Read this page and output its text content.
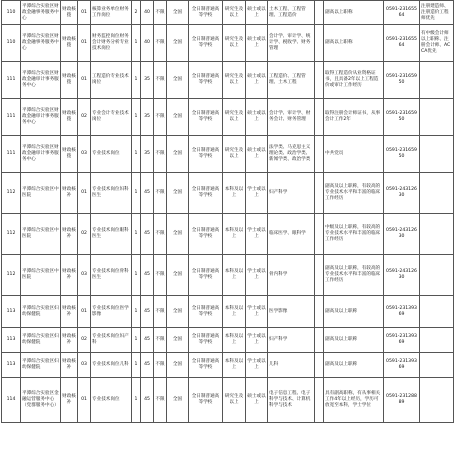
110	平潭综合实验区财政金融事务服务中心	财政核拨	01	核算业务单位财务工作岗位	2	40	不限	全国	全日制普通高等学校	研究生及以上	硕士或以上	土木工程、工程管理、工程造价		副高以上职称	0591-23165564	注册建造师、注册造价工程师优先
110	平潭综合实验区财政金融事务服务中心	财政核拨	01	财务监控岗位财务会计财务分析专业技术岗位	1	40	不限	全国	全日制普通高等学校	研究生及以上	硕士或以上	会计学、审计学、统计学、税收学、财务管理		副高以上职称	0591-23165564	有中级会计师以上职称、注册会计师、ACCA优先
111	平潭综合实验区财政金融审计事务服务中心	财政核拨	01	工程造价专业技术岗位	1	35	不限	全国	全日制普通高等学校	研究生及以上	硕士或以上	工程造价、工程管理、土木工程		取得工程造价从业资格证书，且具备2年以上工程造价或审计工作经历	0591-23165950	
111	平潭综合实验区财政金融审计事务服务中心	财政核拨	02	专业会计专业技术岗位	1	35	不限	全国	全日制普通高等学校	研究生及以上	硕士或以上	会计学、审计学、财务会计、财务管理		取得注册会计师证书，从事会计工作2年	0591-23165950	
111	平潭综合实验区财政金融审计事务服务中心	财政核拨	03	专业技术岗位	1	35	不限	全国	全日制普通高等学校	研究生及以上	硕士或以上	法学类、马克思主义理论类、政治学类、新闻学类、政治学类		中共党员	0591-23165950	
112	平潭综合实验区中医院	财政核补	01	专业技术岗位妇科医生	1	45	不限	全国	全日制普通高等学校	本科及以上	学士或以上	妇产科学		副高及以上职称，有较高的专业技术水平和丰富的临床工作经历	0591-24312630	
112	平潭综合实验区中医院	财政核补	02	专业技术岗位眼科医生	1	45	不限	全国	全日制普通高等学校	本科及以上	学士或以上	临床医学、眼科学		中级及以上职称，有较高的专业技术水平和丰富的临床工作经历	0591-24312630	
112	平潭综合实验区中医院	财政核补	03	专业技术岗位骨科医生	1	45	不限	全国	全日制普通高等学校	本科及以上	学士或以上	骨内科学		副高及以上职称，有较高的专业技术水平和丰富的临床工作经历	0591-24312630	
113	平潭综合实验区妇幼保健院	财政核补	01	专业技术岗位医学影像	1	45	不限	全国	全日制普通高等学校	本科及以上	学士或以上	医学影像		副高及以上职称	0591-23139369	
113	平潭综合实验区妇幼保健院	财政核补	02	专业技术岗位妇产科	1	45	不限	全国	全日制普通高等学校	本科及以上	学士或以上	妇产科学		副高及以上职称	0591-23139369	
113	平潭综合实验区妇幼保健院	财政核补	03	专业技术岗位儿科	1	45	不限	全国	全日制普通高等学校	本科及以上	学士或以上	儿科		副高及以上职称	0591-23139369	
114	平潭综合实验区金融运营服务中心（党群服务中心）	财政核补	01	专业技术岗位	1	45	不限	全国	全日制普通高等学校	研究生及以上	硕士或以上	电子信息工程、电子科学与技术、计算机科学与技术		具有副高职称，有从事相关工作4年以上经历，学历可放宽至本科，学士学位	0591-23128889	
